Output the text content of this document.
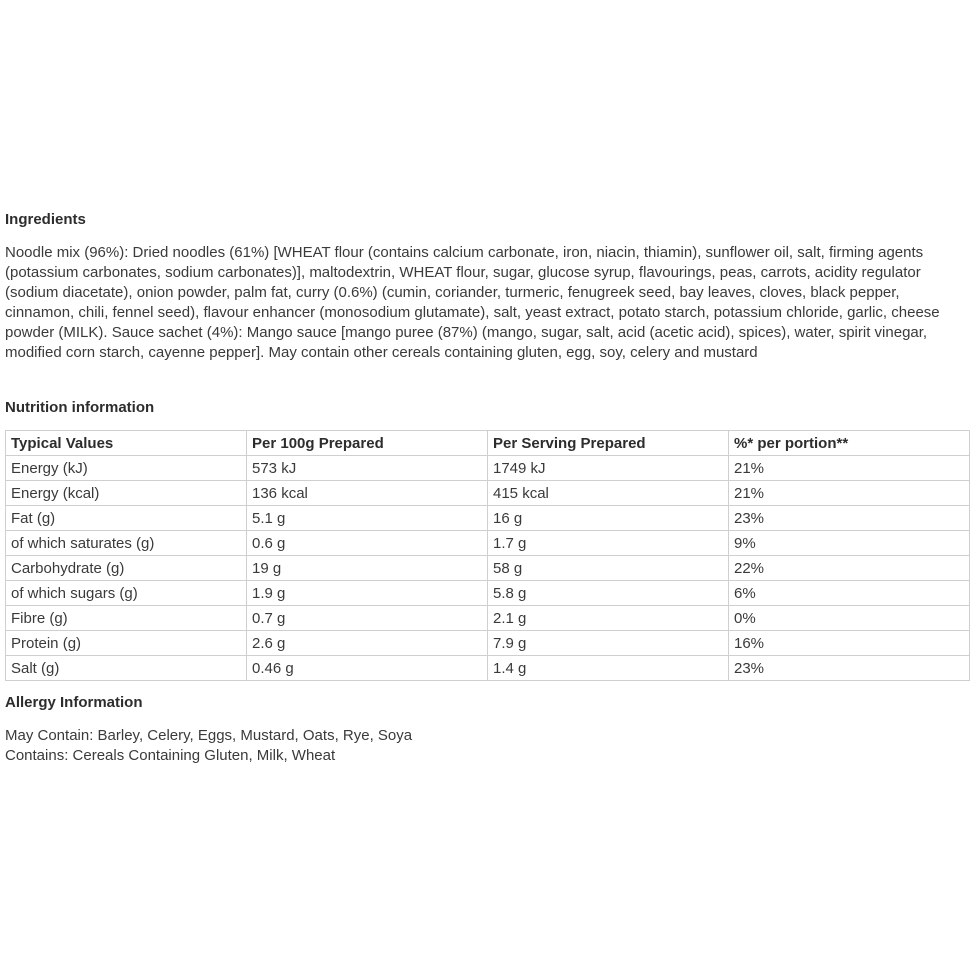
Ingredients

Noodle mix (96%): Dried noodles (61%) [WHEAT flour (contains calcium carbonate, iron, niacin, thiamin), sunflower oil, salt, firming agents (potassium carbonates, sodium carbonates)], maltodextrin, WHEAT flour, sugar, glucose syrup, flavourings, peas, carrots, acidity regulator (sodium diacetate), onion powder, palm fat, curry (0.6%) (cumin, coriander, turmeric, fenugreek seed, bay leaves, cloves, black pepper, cinnamon, chili, fennel seed), flavour enhancer (monosodium glutamate), salt, yeast extract, potato starch, potassium chloride, garlic, cheese powder (MILK). Sauce sachet (4%): Mango sauce [mango puree (87%) (mango, sugar, salt, acid (acetic acid), spices), water, spirit vinegar, modified corn starch, cayenne pepper]. May contain other cereals containing gluten, egg, soy, celery and mustard

Nutrition information
Typical Values	Per 100g Prepared	Per Serving Prepared	%* per portion**
Energy (kJ)	573 kJ	1749 kJ	21%
Energy (kcal)	136 kcal	415 kcal	21%
Fat (g)	5.1 g	16 g	23%
of which saturates (g)	0.6 g	1.7 g	9%
Carbohydrate (g)	19 g	58 g	22%
of which sugars (g)	1.9 g	5.8 g	6%
Fibre (g)	0.7 g	2.1 g	0%
Protein (g)	2.6 g	7.9 g	16%
Salt (g)	0.46 g	1.4 g	23%
Allergy Information

May Contain: Barley, Celery, Eggs, Mustard, Oats, Rye, Soya

Contains: Cereals Containing Gluten, Milk, Wheat
